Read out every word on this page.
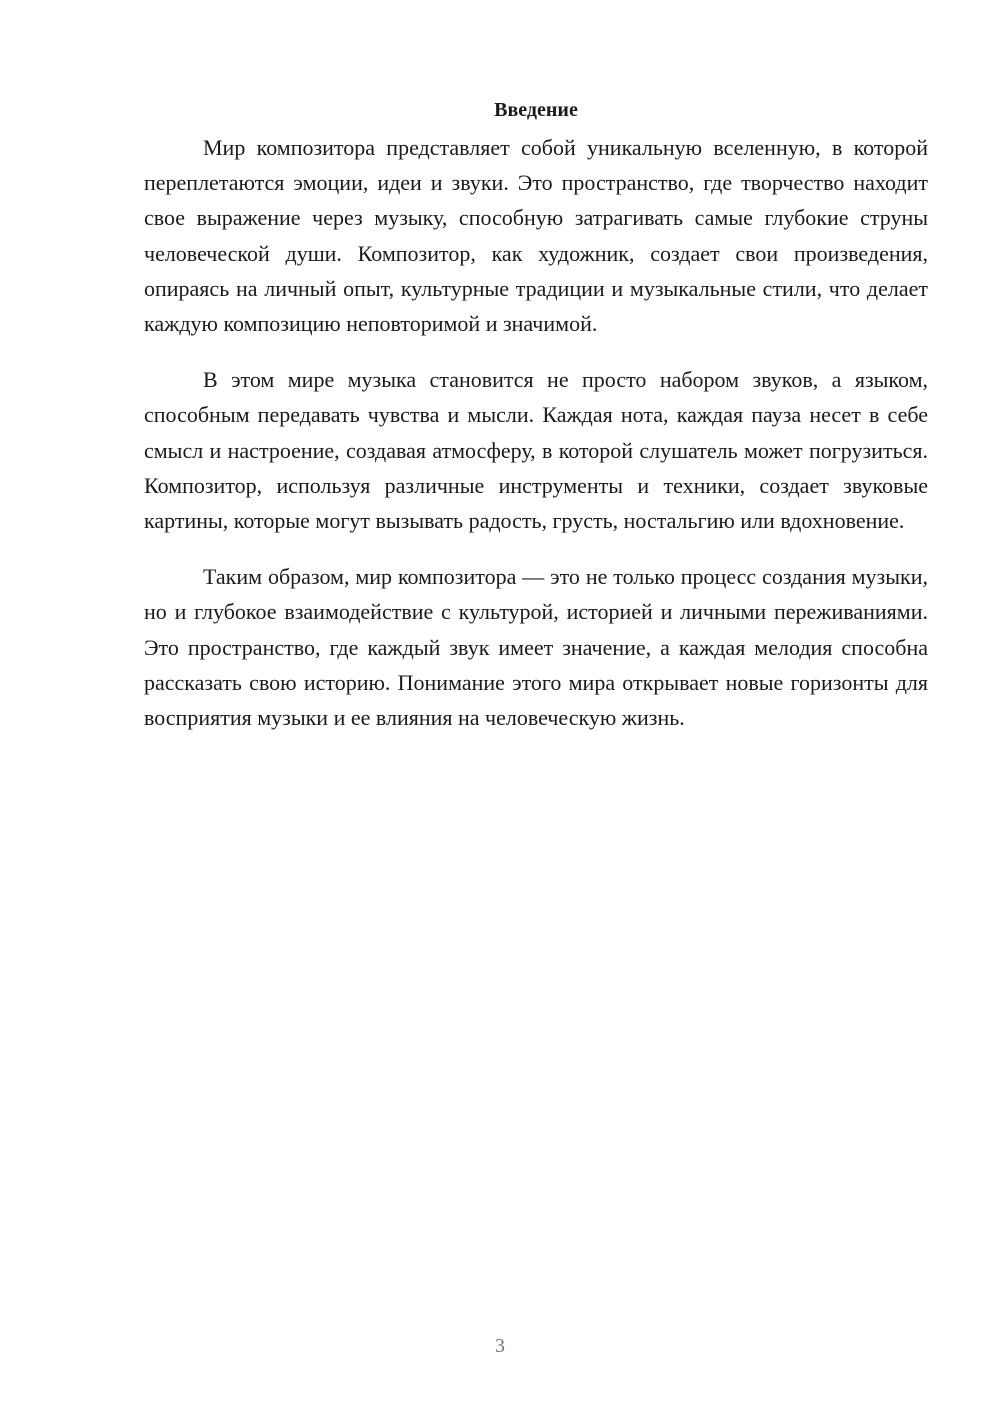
Введение

Мир композитора представляет собой уникальную вселенную, в которой переплетаются эмоции, идеи и звуки. Это пространство, где творчество находит свое выражение через музыку, способную затрагивать самые глубокие струны человеческой души. Композитор, как художник, создает свои произведения, опираясь на личный опыт, культурные традиции и музыкальные стили, что делает каждую композицию неповторимой и значимой.

В этом мире музыка становится не просто набором звуков, а языком, способным передавать чувства и мысли. Каждая нота, каждая пауза несет в себе смысл и настроение, создавая атмосферу, в которой слушатель может погрузиться. Композитор, используя различные инструменты и техники, создает звуковые картины, которые могут вызывать радость, грусть, ностальгию или вдохновение.

Таким образом, мир композитора — это не только процесс создания музыки, но и глубокое взаимодействие с культурой, историей и личными переживаниями. Это пространство, где каждый звук имеет значение, а каждая мелодия способна рассказать свою историю. Понимание этого мира открывает новые горизонты для восприятия музыки и ее влияния на человеческую жизнь.

3
